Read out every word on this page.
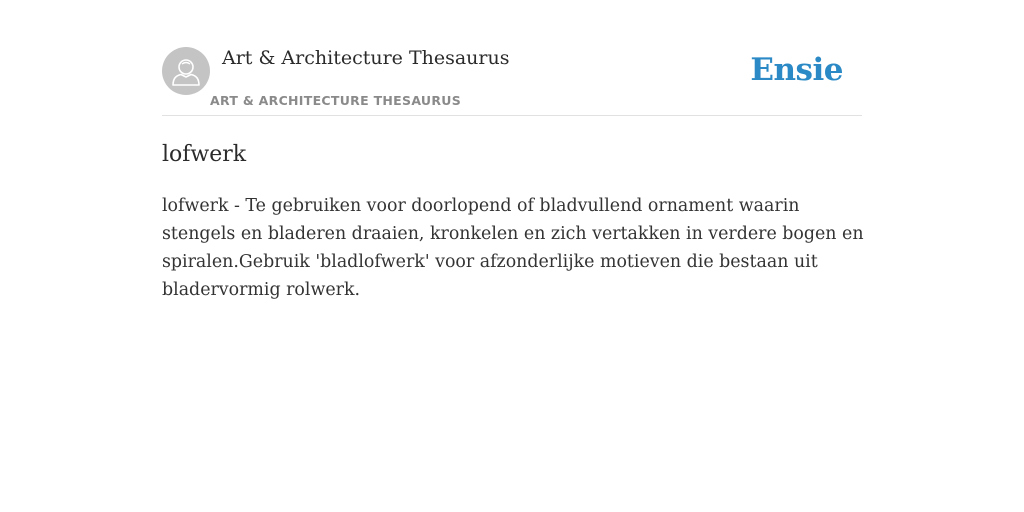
Art & Architecture Thesaurus
ART & ARCHITECTURE THESAURUS
Ensie
lofwerk

lofwerk - Te gebruiken voor doorlopend of bladvullend ornament waarin stengels en bladeren draaien, kronkelen en zich vertakken in verdere bogen en spiralen.Gebruik 'bladlofwerk' voor afzonderlijke motieven die bestaan uit bladervormig rolwerk.
